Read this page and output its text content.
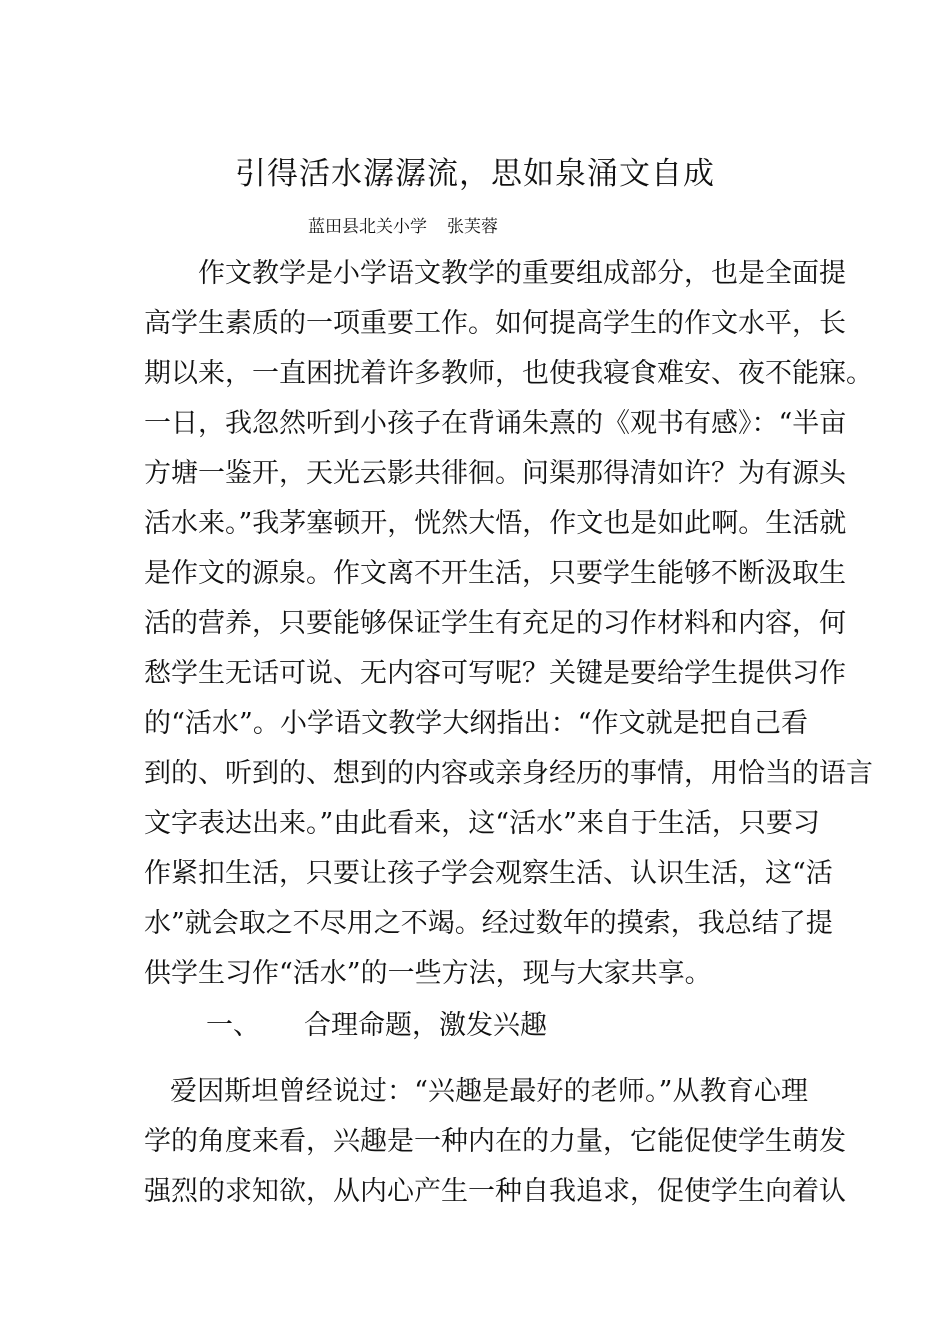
引得活水潺潺流，思如泉涌文自成
蓝田县北关小学 张芙蓉
作文教学是小学语文教学的重要组成部分，也是全面提
高学生素质的一项重要工作。如何提高学生的作文水平，长
期以来，一直困扰着许多教师，也使我寝食难安、夜不能寐。
一日，我忽然听到小孩子在背诵朱熹的《观书有感》：“半亩
方塘一鉴开，天光云影共徘徊。问渠那得清如许？为有源头
活水来。”我茅塞顿开，恍然大悟，作文也是如此啊。生活就
是作文的源泉。作文离不开生活，只要学生能够不断汲取生
活的营养，只要能够保证学生有充足的习作材料和内容，何
愁学生无话可说、无内容可写呢？关键是要给学生提供习作
的“活水”。小学语文教学大纲指出：“作文就是把自己看
到的、听到的、想到的内容或亲身经历的事情，用恰当的语言
文字表达出来。”由此看来，这“活水”来自于生活，只要习
作紧扣生活，只要让孩子学会观察生活、认识生活，这“活
水”就会取之不尽用之不竭。经过数年的摸索，我总结了提
供学生习作“活水”的一些方法，现与大家共享。
一、 合理命题，激发兴趣
爱因斯坦曾经说过：“兴趣是最好的老师。”从教育心理
学的角度来看，兴趣是一种内在的力量，它能促使学生萌发
强烈的求知欲，从内心产生一种自我追求，促使学生向着认
